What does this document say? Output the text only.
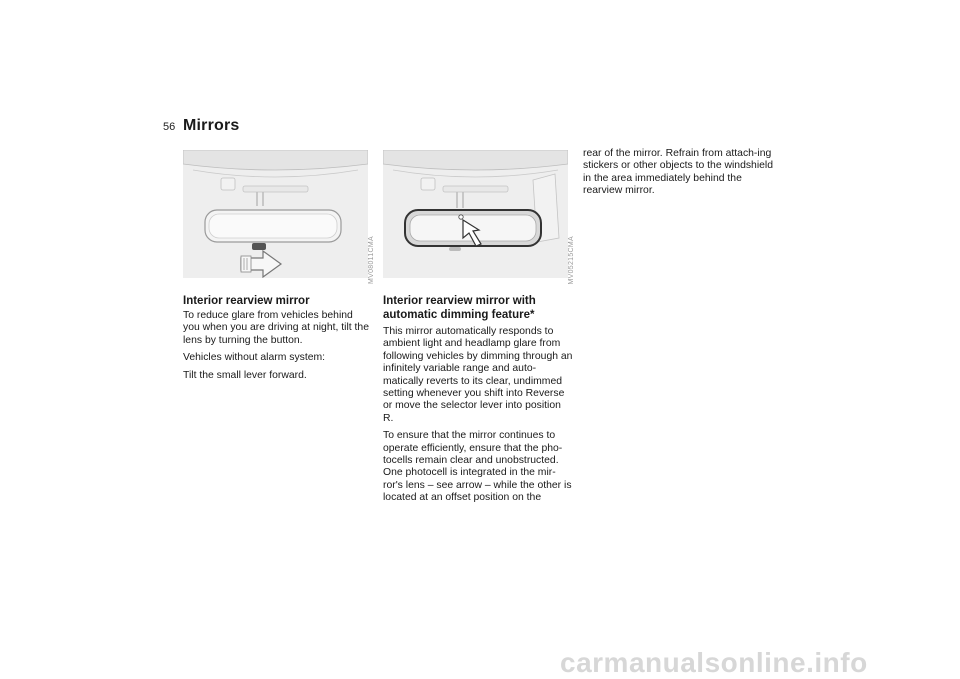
56 Mirrors
MV08011CMA	MV05215CMA
Interior rearview mirror

To reduce glare from vehicles behind you when you are driving at night, tilt the lens by turning the button.

Vehicles without alarm system:

Tilt the small lever forward.

Interior rearview mirror with automatic dimming feature*

This mirror automatically responds to ambient light and headlamp glare from following vehicles by dimming through an infinitely variable range and auto-matically reverts to its clear, undimmed setting whenever you shift into Reverse or move the selector lever into position R.

To ensure that the mirror continues to operate efficiently, ensure that the pho-tocells remain clear and unobstructed. One photocell is integrated in the mir-ror's lens – see arrow – while the other is located at an offset position on the

rear of the mirror. Refrain from attach-ing stickers or other objects to the windshield in the area immediately behind the rearview mirror.

carmanualsonline.info
